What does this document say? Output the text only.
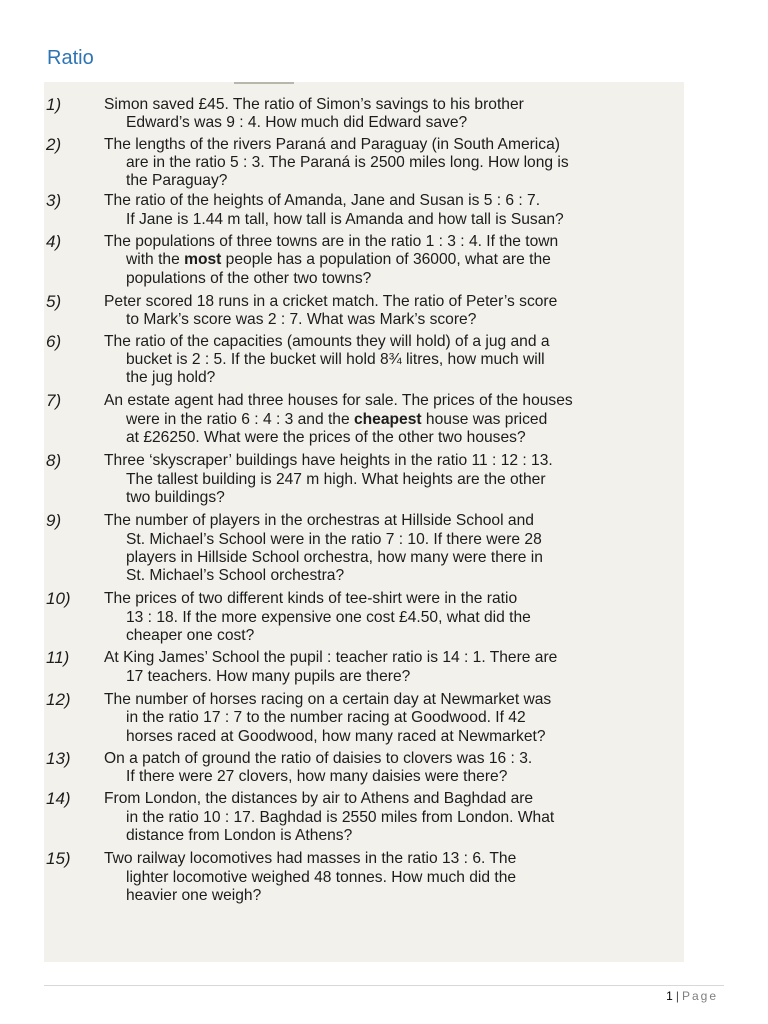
Ratio
1)	Simon saved £45. The ratio of Simon’s savings to his brother
Edward’s was 9 : 4. How much did Edward save?
2)	The lengths of the rivers Paraná and Paraguay (in South America)
are in the ratio 5 : 3. The Paraná is 2500 miles long. How long is
the Paraguay?
3)	The ratio of the heights of Amanda, Jane and Susan is 5 : 6 : 7.
If Jane is 1.44 m tall, how tall is Amanda and how tall is Susan?
4)	The populations of three towns are in the ratio 1 : 3 : 4. If the town
with the most people has a population of 36000, what are the
populations of the other two towns?
5)	Peter scored 18 runs in a cricket match. The ratio of Peter’s score
to Mark’s score was 2 : 7. What was Mark’s score?
6)	The ratio of the capacities (amounts they will hold) of a jug and a
bucket is 2 : 5. If the bucket will hold 8¾ litres, how much will
the jug hold?
7)	An estate agent had three houses for sale. The prices of the houses
were in the ratio 6 : 4 : 3 and the cheapest house was priced
at £26250. What were the prices of the other two houses?
8)	Three ‘skyscraper’ buildings have heights in the ratio 11 : 12 : 13.
The tallest building is 247 m high. What heights are the other
two buildings?
9)	The number of players in the orchestras at Hillside School and
St. Michael’s School were in the ratio 7 : 10. If there were 28
players in Hillside School orchestra, how many were there in
St. Michael’s School orchestra?
10)	The prices of two different kinds of tee-shirt were in the ratio
13 : 18. If the more expensive one cost £4.50, what did the
cheaper one cost?
11)	At King James’ School the pupil : teacher ratio is 14 : 1. There are
17 teachers. How many pupils are there?
12)	The number of horses racing on a certain day at Newmarket was
in the ratio 17 : 7 to the number racing at Goodwood. If 42
horses raced at Goodwood, how many raced at Newmarket?
13)	On a patch of ground the ratio of daisies to clovers was 16 : 3.
If there were 27 clovers, how many daisies were there?
14)	From London, the distances by air to Athens and Baghdad are
in the ratio 10 : 17. Baghdad is 2550 miles from London. What
distance from London is Athens?
15)	Two railway locomotives had masses in the ratio 13 : 6. The
lighter locomotive weighed 48 tonnes. How much did the
heavier one weigh?
1 | Page
